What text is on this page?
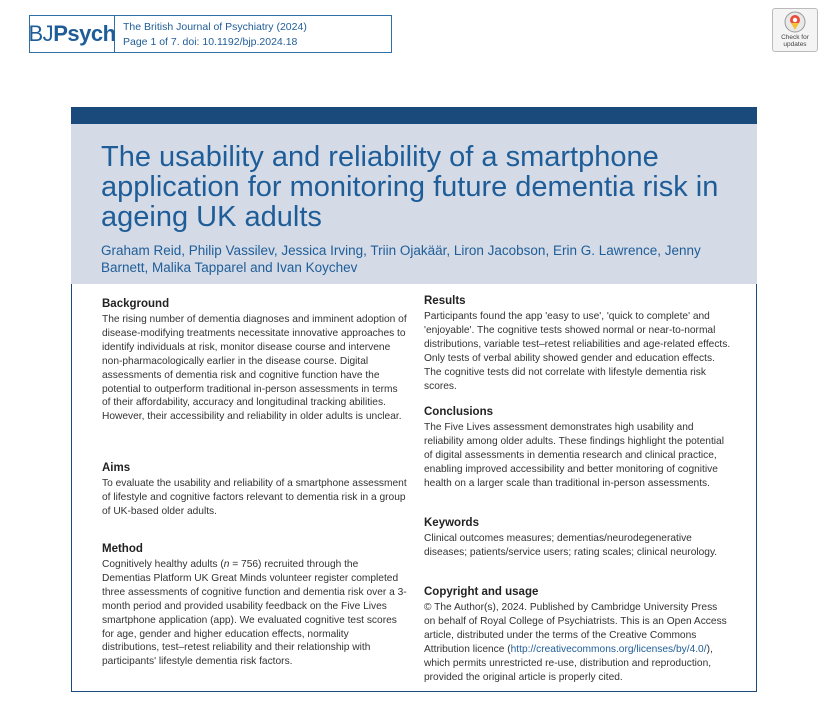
BJ Psych The British Journal of Psychiatry (2024)
Page 1 of 7. doi: 10.1192/bjp.2024.18	Check for
updates
The usability and reliability of a smartphone application for monitoring future dementia risk in ageing UK adults
Graham Reid, Philip Vassilev, Jessica Irving, Triin Ojakäär, Liron Jacobson, Erin G. Lawrence, Jenny Barnett, Malika Tapparel and Ivan Koychev
Background

The rising number of dementia diagnoses and imminent adoption of disease-modifying treatments necessitate innovative approaches to identify individuals at risk, monitor disease course and intervene non-pharmacologically earlier in the disease course. Digital assessments of dementia risk and cognitive function have the potential to outperform traditional in-person assessments in terms of their affordability, accuracy and longitudinal tracking abilities. However, their accessibility and reliability in older adults is unclear.

Aims

To evaluate the usability and reliability of a smartphone assessment of lifestyle and cognitive factors relevant to dementia risk in a group of UK-based older adults.

Method

Cognitively healthy adults (n = 756) recruited through the Dementias Platform UK Great Minds volunteer register completed three assessments of cognitive function and dementia risk over a 3-month period and provided usability feedback on the Five Lives smartphone application (app). We evaluated cognitive test scores for age, gender and higher education effects, normality distributions, test–retest reliability and their relationship with participants' lifestyle dementia risk factors.

Results

Participants found the app 'easy to use', 'quick to complete' and 'enjoyable'. The cognitive tests showed normal or near-to-normal distributions, variable test–retest reliabilities and age-related effects. Only tests of verbal ability showed gender and education effects. The cognitive tests did not correlate with lifestyle dementia risk scores.

Conclusions

The Five Lives assessment demonstrates high usability and reliability among older adults. These findings highlight the potential of digital assessments in dementia research and clinical practice, enabling improved accessibility and better monitoring of cognitive health on a larger scale than traditional in-person assessments.

Keywords

Clinical outcomes measures; dementias/neurodegenerative diseases; patients/service users; rating scales; clinical neurology.

Copyright and usage

© The Author(s), 2024. Published by Cambridge University Press on behalf of Royal College of Psychiatrists. This is an Open Access article, distributed under the terms of the Creative Commons Attribution licence (http://creativecommons.org/licenses/by/4.0/), which permits unrestricted re-use, distribution and reproduction, provided the original article is properly cited.
